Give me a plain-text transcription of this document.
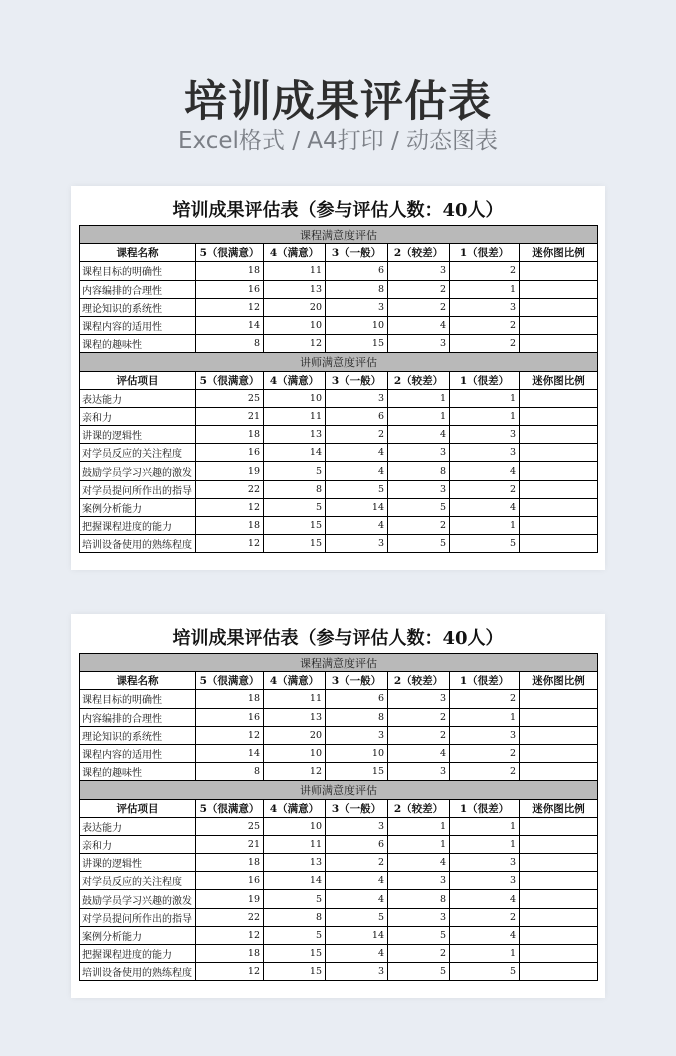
培训成果评估表
Excel格式 / A4打印 / 动态图表
培训成果评估表（参与评估人数：40人）
课程满意度评估						
课程名称	5（很满意）	4（满意）	3（一般）	2（较差）	1（很差）	迷你图比例
课程目标的明确性	18	11	6	3	2	
内容编排的合理性	16	13	8	2	1	
理论知识的系统性	12	20	3	2	3	
课程内容的适用性	14	10	10	4	2	
课程的趣味性	8	12	15	3	2	
讲师满意度评估						
评估项目	5（很满意）	4（满意）	3（一般）	2（较差）	1（很差）	迷你图比例
表达能力	25	10	3	1	1	
亲和力	21	11	6	1	1	
讲课的逻辑性	18	13	2	4	3	
对学员反应的关注程度	16	14	4	3	3	
鼓励学员学习兴趣的激发	19	5	4	8	4	
对学员提问所作出的指导	22	8	5	3	2	
案例分析能力	12	5	14	5	4	
把握课程进度的能力	18	15	4	2	1	
培训设备使用的熟练程度	12	15	3	5	5	
培训成果评估表（参与评估人数：40人）
课程满意度评估						
课程名称	5（很满意）	4（满意）	3（一般）	2（较差）	1（很差）	迷你图比例
课程目标的明确性	18	11	6	3	2	
内容编排的合理性	16	13	8	2	1	
理论知识的系统性	12	20	3	2	3	
课程内容的适用性	14	10	10	4	2	
课程的趣味性	8	12	15	3	2	
讲师满意度评估						
评估项目	5（很满意）	4（满意）	3（一般）	2（较差）	1（很差）	迷你图比例
表达能力	25	10	3	1	1	
亲和力	21	11	6	1	1	
讲课的逻辑性	18	13	2	4	3	
对学员反应的关注程度	16	14	4	3	3	
鼓励学员学习兴趣的激发	19	5	4	8	4	
对学员提问所作出的指导	22	8	5	3	2	
案例分析能力	12	5	14	5	4	
把握课程进度的能力	18	15	4	2	1	
培训设备使用的熟练程度	12	15	3	5	5	
